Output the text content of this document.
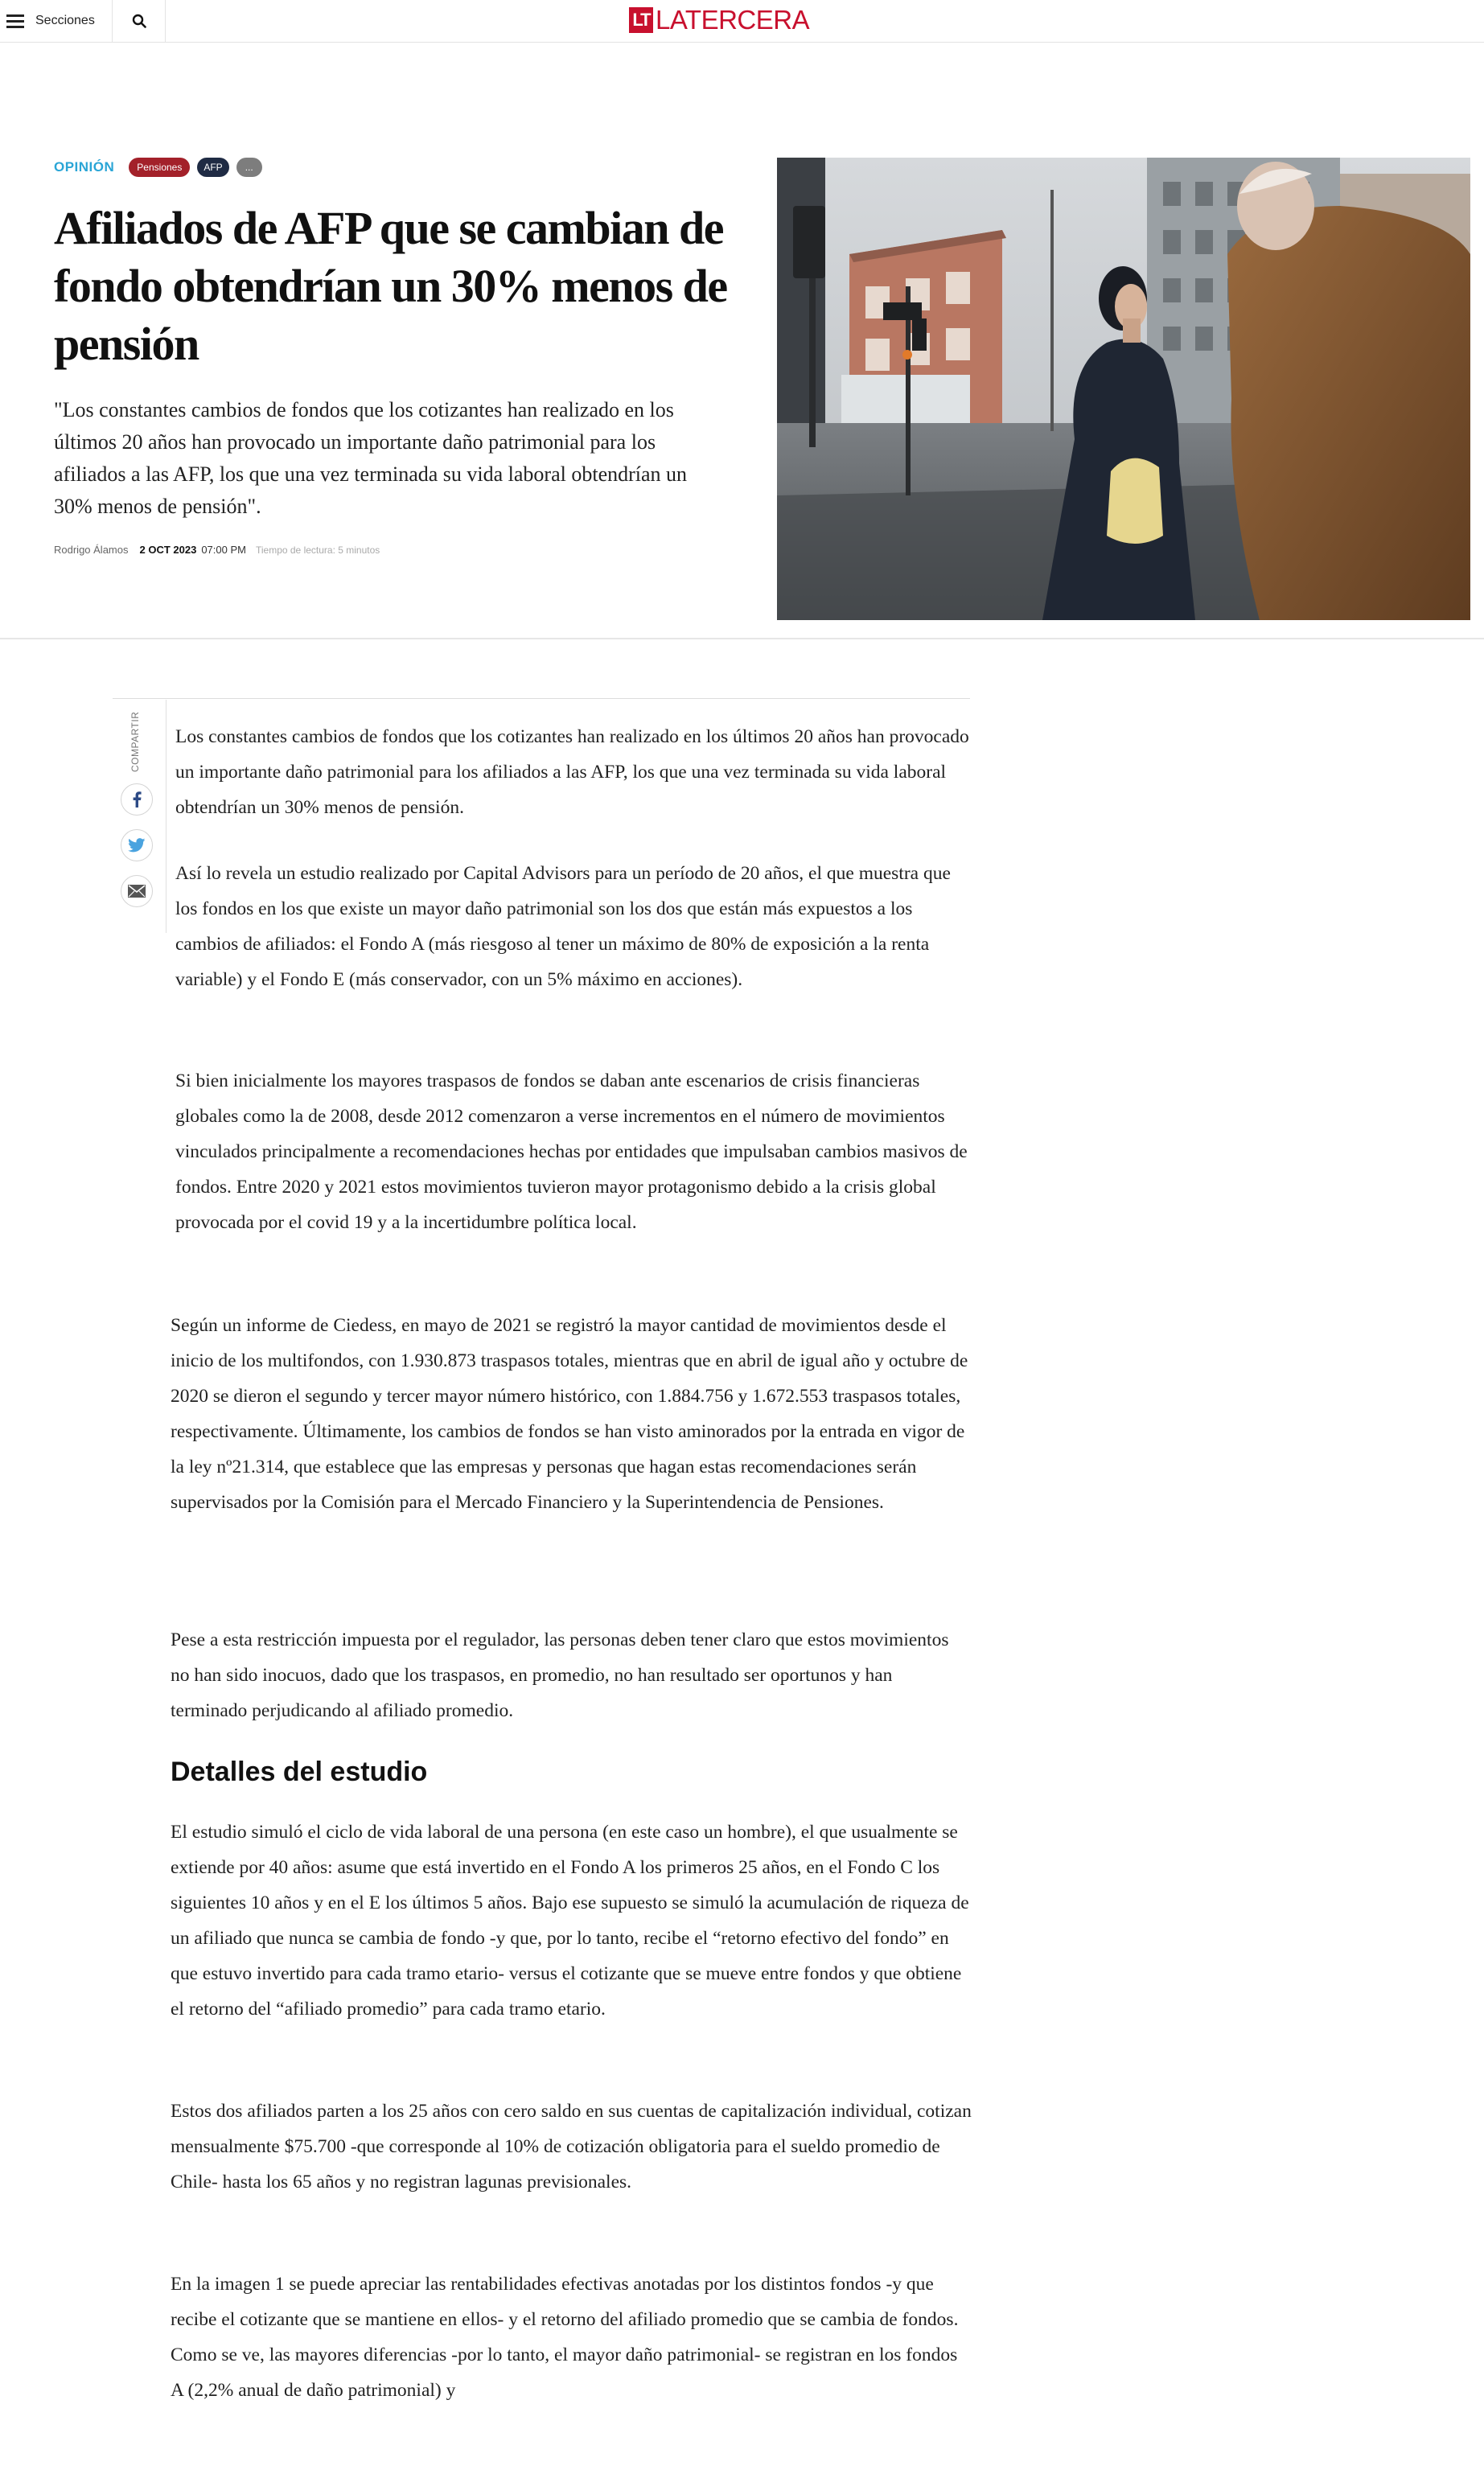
Secciones	LT LATERCERA
OPINIÓN	Pensiones	AFP	...
Afiliados de AFP que se cambian de fondo obtendrían un 30% menos de pensión

"Los constantes cambios de fondos que los cotizantes han realizado en los últimos 20 años han provocado un importante daño patrimonial para los afiliados a las AFP, los que una vez terminada su vida laboral obtendrían un 30% menos de pensión".

Rodrigo Álamos 2 OCT 2023 07:00 PM Tiempo de lectura: 5 minutos
COMPARTIR Los constantes cambios de fondos que los cotizantes han realizado en los últimos 20 años han provocado un importante daño patrimonial para los afiliados a las AFP, los que una vez terminada su vida laboral obtendrían un 30% menos de pensión.

Así lo revela un estudio realizado por Capital Advisors para un período de 20 años, el que muestra que los fondos en los que existe un mayor daño patrimonial son los dos que están más expuestos a los cambios de afiliados: el Fondo A (más riesgoso al tener un máximo de 80% de exposición a la renta variable) y el Fondo E (más conservador, con un 5% máximo en acciones).

Si bien inicialmente los mayores traspasos de fondos se daban ante escenarios de crisis financieras globales como la de 2008, desde 2012 comenzaron a verse incrementos en el número de movimientos vinculados principalmente a recomendaciones hechas por entidades que impulsaban cambios masivos de fondos. Entre 2020 y 2021 estos movimientos tuvieron mayor protagonismo debido a la crisis global provocada por el covid 19 y a la incertidumbre política local.

Según un informe de Ciedess, en mayo de 2021 se registró la mayor cantidad de movimientos desde el inicio de los multifondos, con 1.930.873 traspasos totales, mientras que en abril de igual año y octubre de 2020 se dieron el segundo y tercer mayor número histórico, con 1.884.756 y 1.672.553 traspasos totales, respectivamente. Últimamente, los cambios de fondos se han visto aminorados por la entrada en vigor de la ley nº21.314, que establece que las empresas y personas que hagan estas recomendaciones serán supervisados por la Comisión para el Mercado Financiero y la Superintendencia de Pensiones.

Pese a esta restricción impuesta por el regulador, las personas deben tener claro que estos movimientos no han sido inocuos, dado que los traspasos, en promedio, no han resultado ser oportunos y han terminado perjudicando al afiliado promedio.

Detalles del estudio

El estudio simuló el ciclo de vida laboral de una persona (en este caso un hombre), el que usualmente se extiende por 40 años: asume que está invertido en el Fondo A los primeros 25 años, en el Fondo C los siguientes 10 años y en el E los últimos 5 años. Bajo ese supuesto se simuló la acumulación de riqueza de un afiliado que nunca se cambia de fondo -y que, por lo tanto, recibe el “retorno efectivo del fondo” en que estuvo invertido para cada tramo etario- versus el cotizante que se mueve entre fondos y que obtiene el retorno del “afiliado promedio” para cada tramo etario.

Estos dos afiliados parten a los 25 años con cero saldo en sus cuentas de capitalización individual, cotizan mensualmente $75.700 -que corresponde al 10% de cotización obligatoria para el sueldo promedio de Chile- hasta los 65 años y no registran lagunas previsionales.

En la imagen 1 se puede apreciar las rentabilidades efectivas anotadas por los distintos fondos -y que recibe el cotizante que se mantiene en ellos- y el retorno del afiliado promedio que se cambia de fondos. Como se ve, las mayores diferencias -por lo tanto, el mayor daño patrimonial- se registran en los fondos A (2,2% anual de daño patrimonial) y
